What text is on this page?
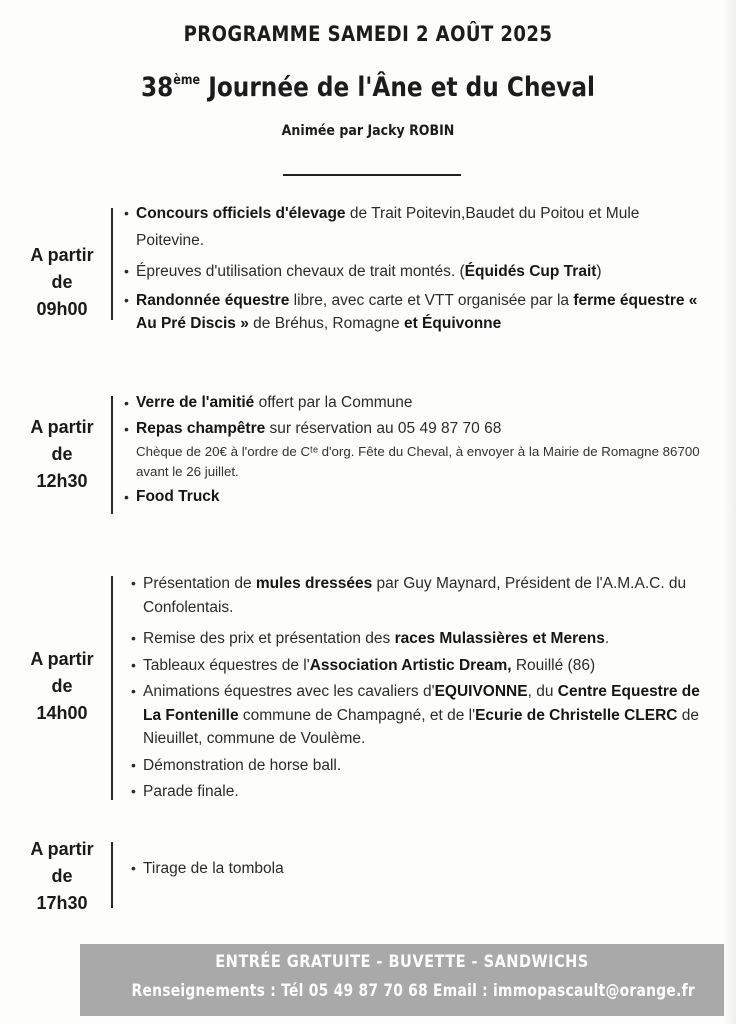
PROGRAMME SAMEDI 2 AOÛT 2025
38ème Journée de l'Âne et du Cheval
Animée par Jacky ROBIN
A partir
de
09h00
• Concours officiels d'élevage de Trait Poitevin,Baudet du Poitou et Mule Poitevine.
• Épreuves d'utilisation chevaux de trait montés. (Équidés Cup Trait)
• Randonnée équestre libre, avec carte et VTT organisée par la ferme équestre « Au Pré Discis » de Bréhus, Romagne et Équivonne
A partir
de
12h30
• Verre de l'amitié offert par la Commune
• Repas champêtre sur réservation au 05 49 87 70 68
Chèque de 20€ à l'ordre de Cᵗᵉ d'org. Fête du Cheval, à envoyer à la Mairie de Romagne 86700 avant le 26 juillet.
• Food Truck
A partir
de
14h00
• Présentation de mules dressées par Guy Maynard, Président de l'A.M.A.C. du Confolentais.
• Remise des prix et présentation des races Mulassières et Merens.
• Tableaux équestres de l'Association Artistic Dream, Rouillé (86)
• Animations équestres avec les cavaliers d'EQUIVONNE, du Centre Equestre de La Fontenille commune de Champagné, et de l'Ecurie de Christelle CLERC de Nieuillet, commune de Voulème.
• Démonstration de horse ball.
• Parade finale.
A partir
de
17h30
• Tirage de la tombola
ENTRÉE GRATUITE - BUVETTE - SANDWICHS
Renseignements : Tél 05 49 87 70 68 Email : immopascault@orange.fr
